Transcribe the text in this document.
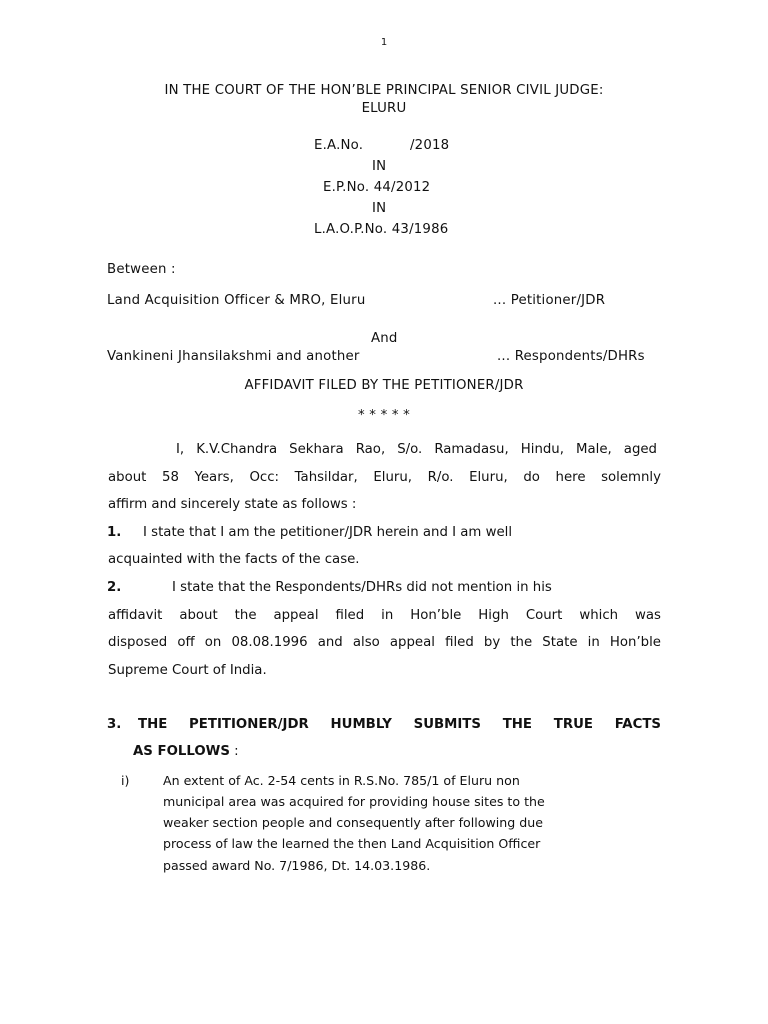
1
IN THE COURT OF THE HON’BLE PRINCIPAL SENIOR CIVIL JUDGE:
ELURU
E.A.No.	/2018
IN
E.P.No. 44/2012
IN
L.A.O.P.No. 43/1986
Between :
Land Acquisition Officer & MRO, Eluru	... Petitioner/JDR
And
Vankineni Jhansilakshmi and another	... Respondents/DHRs
AFFIDAVIT FILED BY THE PETITIONER/JDR
* * * * *
I, K.V.Chandra Sekhara Rao, S/o. Ramadasu, Hindu, Male, aged
about 58 Years, Occ: Tahsildar, Eluru, R/o. Eluru, do here solemnly
affirm and sincerely state as follows :
1. I state that I am the petitioner/JDR herein and I am well
acquainted with the facts of the case.
2.	I state that the Respondents/DHRs did not mention in his
affidavit about the appeal filed in Hon’ble High Court which was
disposed off on 08.08.1996 and also appeal filed by the State in Hon’ble
Supreme Court of India.
3. THE PETITIONER/JDR HUMBLY SUBMITS THE TRUE FACTS
AS FOLLOWS :
i)	An extent of Ac. 2-54 cents in R.S.No. 785/1 of Eluru non
municipal area was acquired for providing house sites to the
weaker section people and consequently after following due
process of law the learned the then Land Acquisition Officer
passed award No. 7/1986, Dt. 14.03.1986.
